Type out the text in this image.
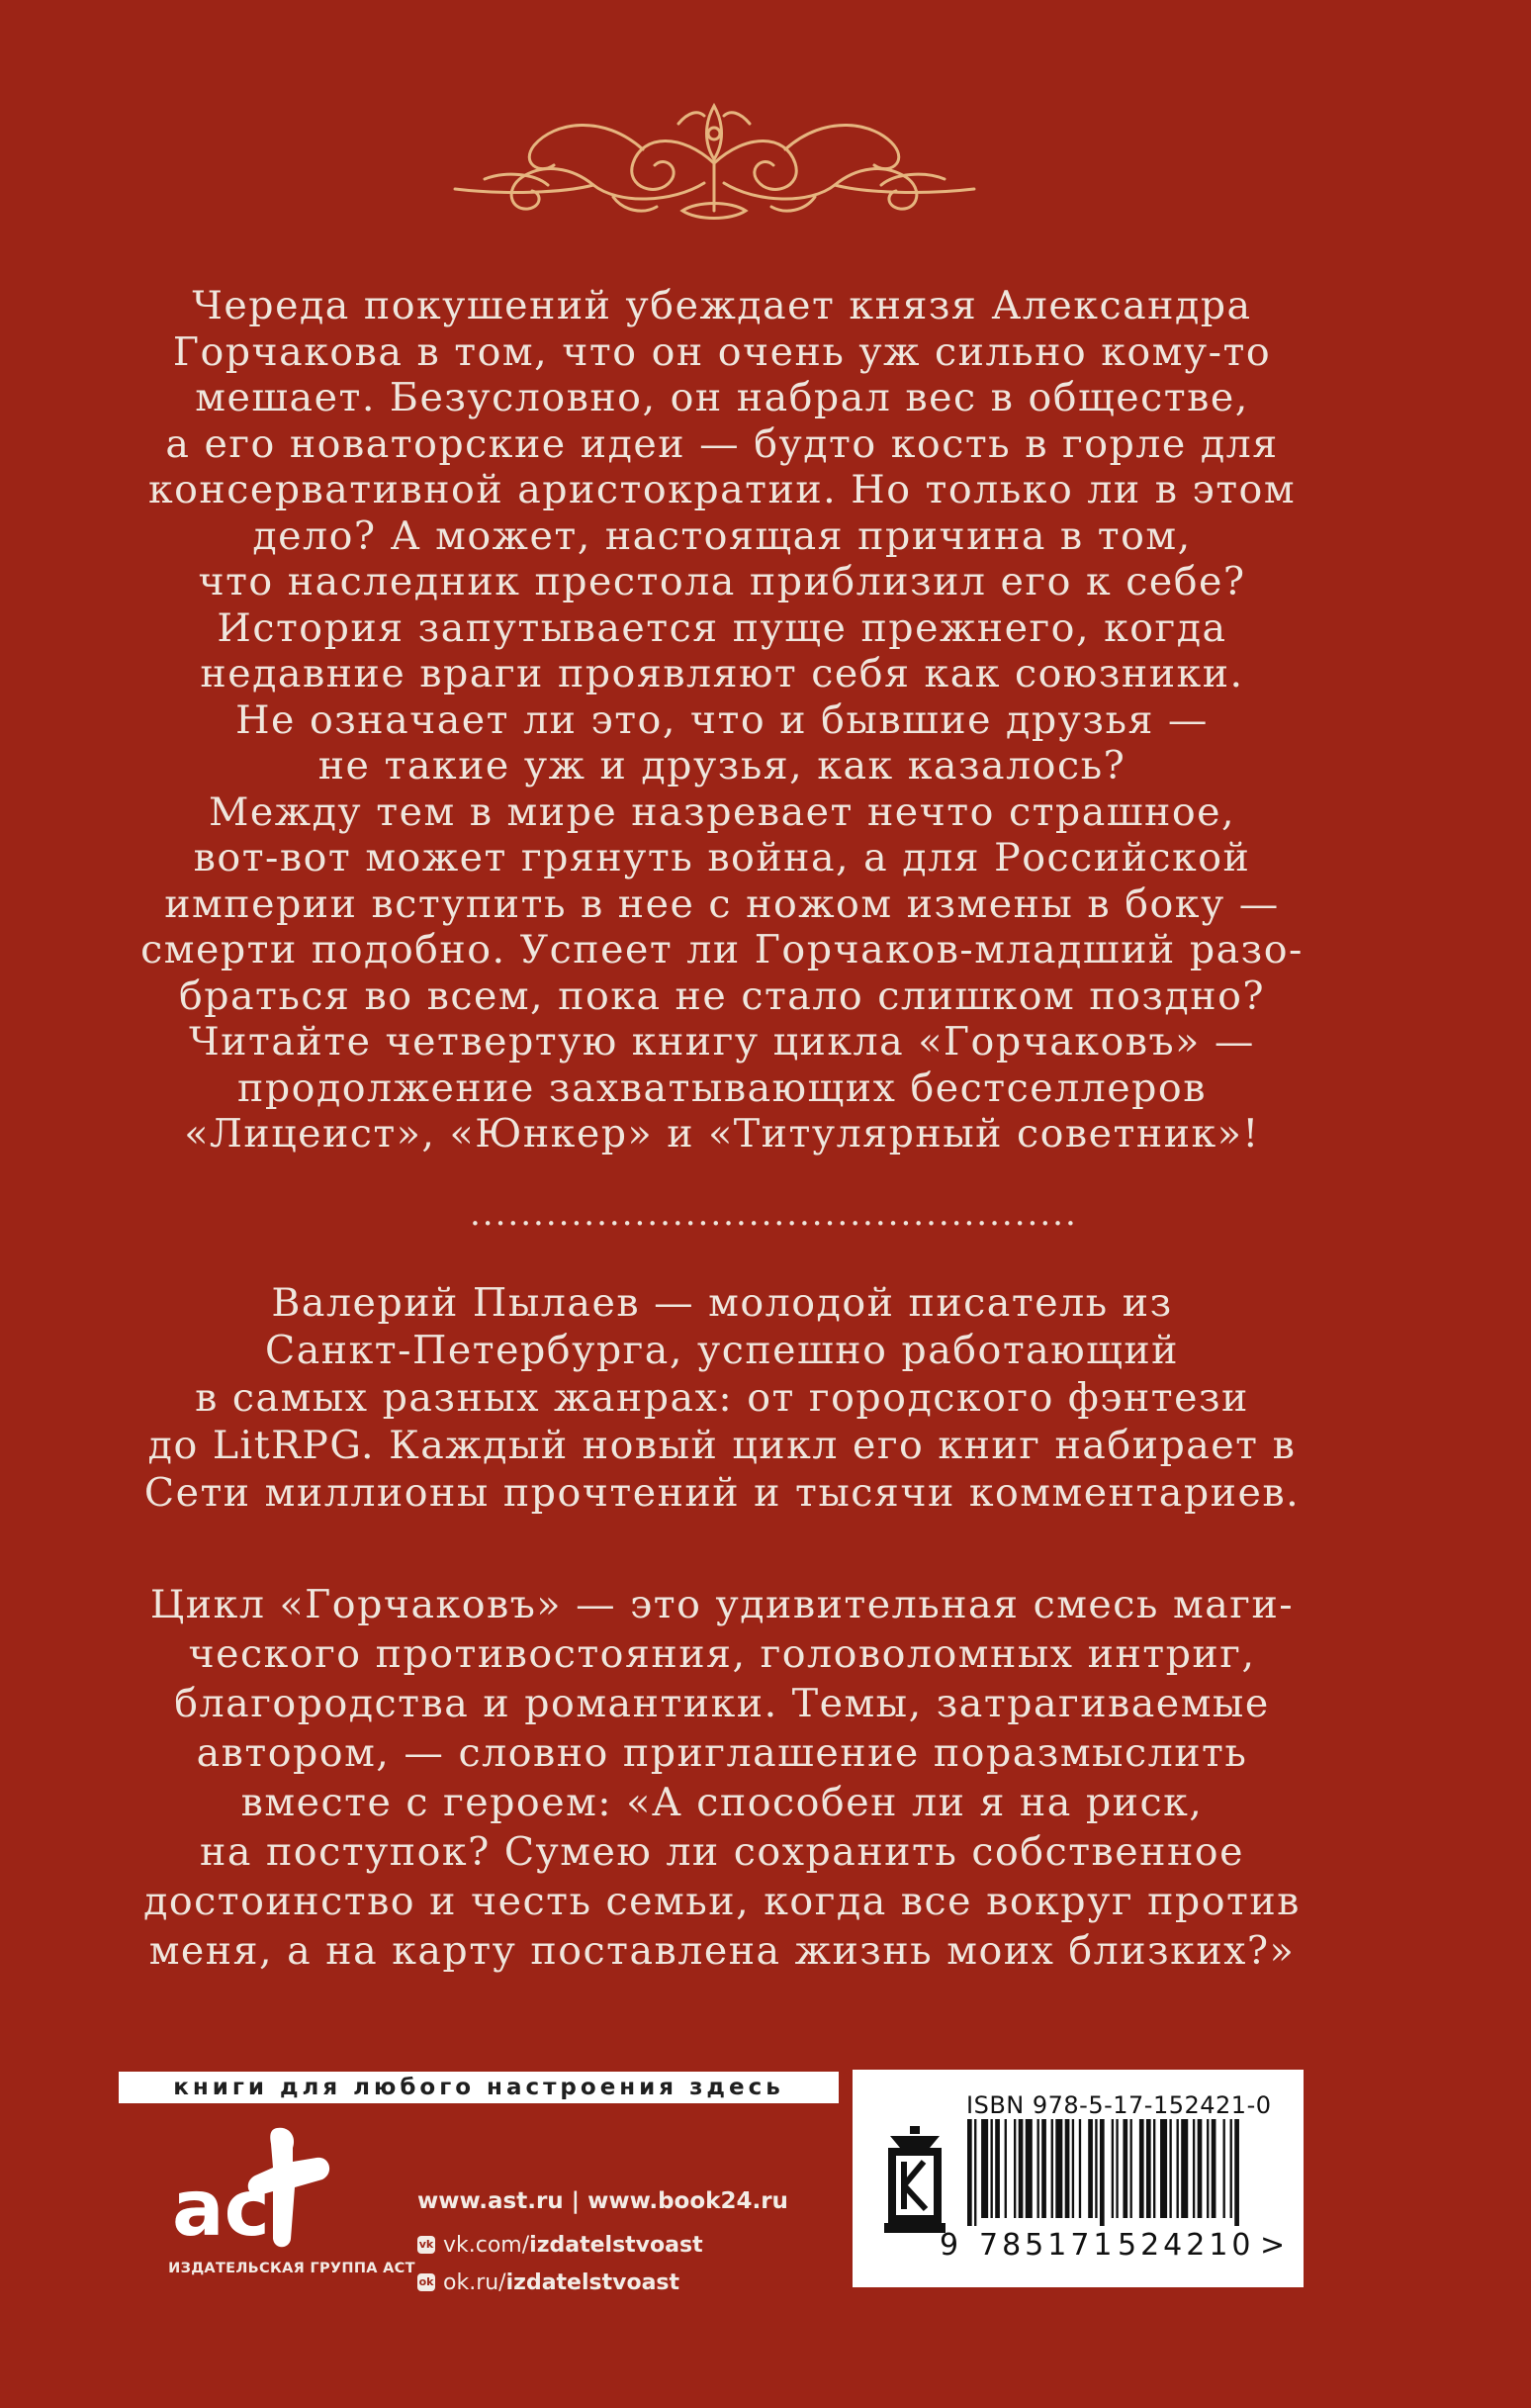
Череда покушений убеждает князя Александра
Горчакова в том, что он очень уж сильно кому-то
мешает. Безусловно, он набрал вес в обществе,
а его новаторские идеи — будто кость в горле для
консервативной аристократии. Но только ли в этом
дело? А может, настоящая причина в том,
что наследник престола приблизил его к себе?
История запутывается пуще прежнего, когда
недавние враги проявляют себя как союзники.
Не означает ли это, что и бывшие друзья —
не такие уж и друзья, как казалось?
Между тем в мире назревает нечто страшное,
вот-вот может грянуть война, а для Российской
империи вступить в нее с ножом измены в боку —
смерти подобно. Успеет ли Горчаков-младший разо-
браться во всем, пока не стало слишком поздно?
Читайте четвертую книгу цикла «Горчаковъ» —
продолжение захватывающих бестселлеров
«Лицеист», «Юнкер» и «Титулярный советник»!
................................................
Валерий Пылаев — молодой писатель из
Санкт-Петербурга, успешно работающий
в самых разных жанрах: от городского фэнтези
до LitRPG. Каждый новый цикл его книг набирает в
Сети миллионы прочтений и тысячи комментариев.
Цикл «Горчаковъ» — это удивительная смесь маги-
ческого противостояния, головоломных интриг,
благородства и романтики. Темы, затрагиваемые
автором, — словно приглашение поразмыслить
вместе с героем: «А способен ли я на риск,
на поступок? Сумею ли сохранить собственное
достоинство и честь семьи, когда все вокруг против
меня, а на карту поставлена жизнь моих близких?»
книги для любого настроения здесь
ac
ИЗДАТЕЛЬСКАЯ ГРУППА АСТ
www.ast.ru | www.book24.ru
vk vk.com/ izdatelstvoast
ok ok.ru/ izdatelstvoast
ISBN 978-5-17-152421-0
9 785171 524210 >
